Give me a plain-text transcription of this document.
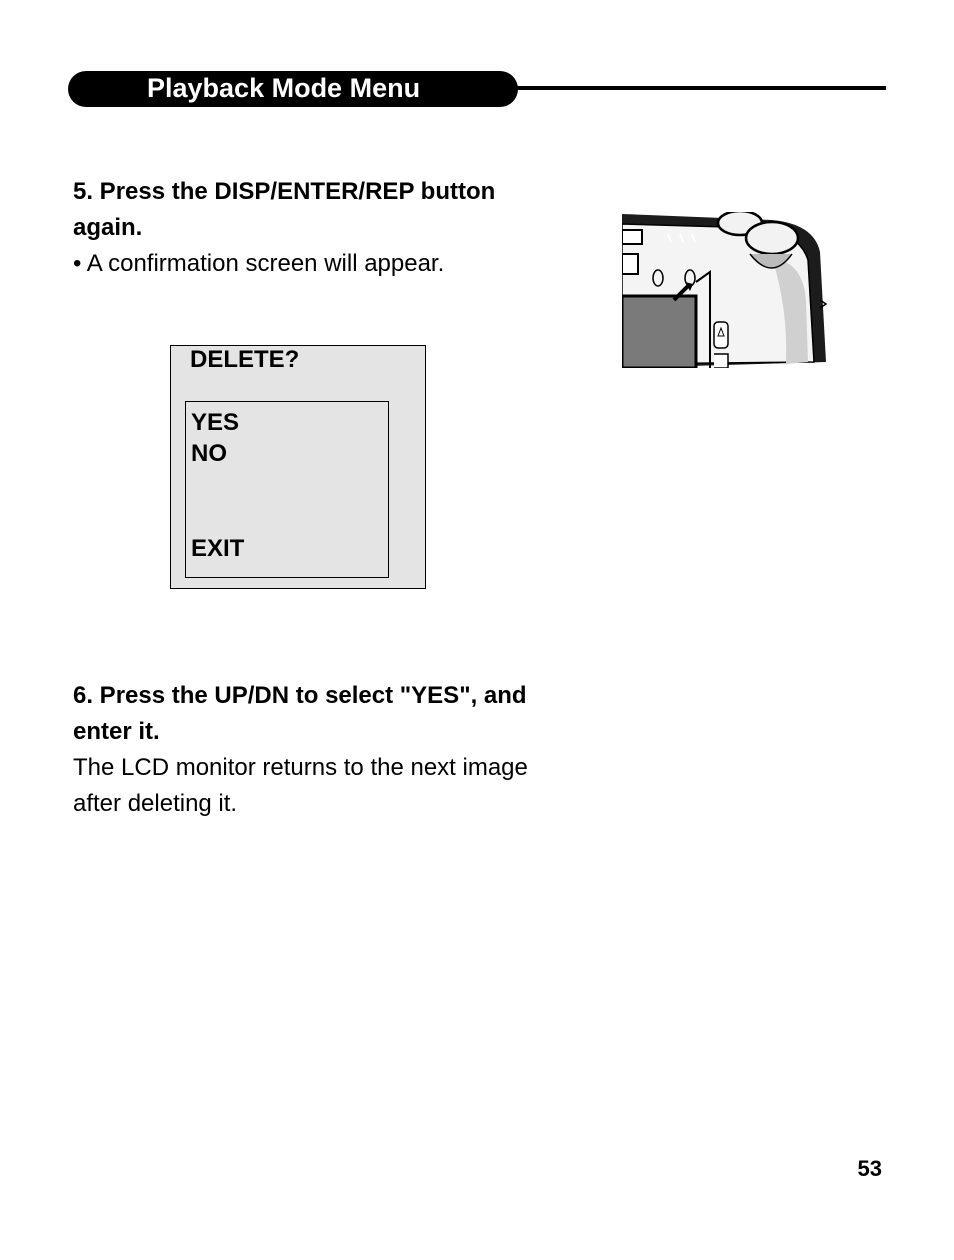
Playback Mode Menu
5. Press the DISP/ENTER/REP button again.
• A confirmation screen will appear.
DELETE?
YES
NO
EXIT
6. Press the UP/DN to select "YES", and enter it.
The LCD monitor returns to the next image after deleting it.
53
